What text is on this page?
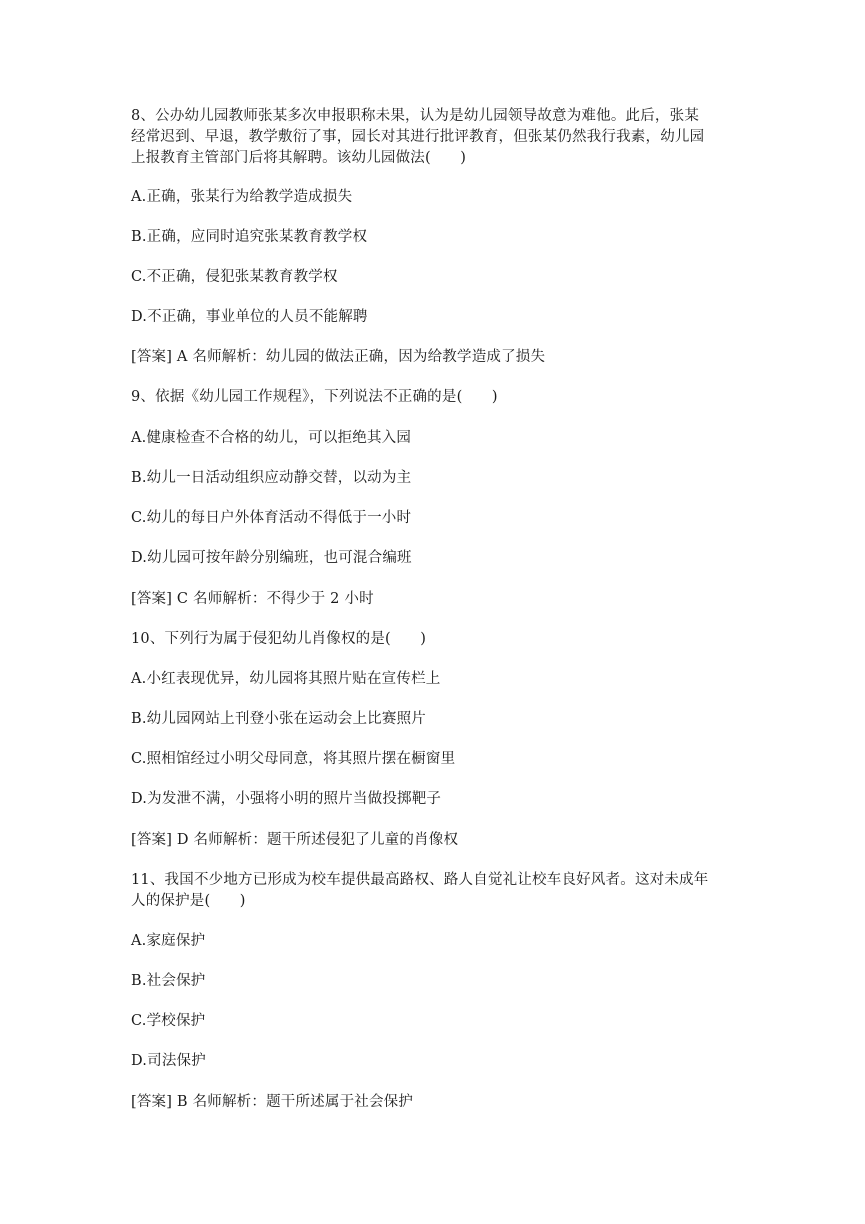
8、公办幼儿园教师张某多次申报职称未果，认为是幼儿园领导故意为难他。此后，张某
经常迟到、早退，教学敷衍了事，园长对其进行批评教育，但张某仍然我行我素，幼儿园
上报教育主管部门后将其解聘。该幼儿园做法(　　)
A.正确，张某行为给教学造成损失
B.正确，应同时追究张某教育教学权
C.不正确，侵犯张某教育教学权
D.不正确，事业单位的人员不能解聘
[答案] A 名师解析：幼儿园的做法正确，因为给教学造成了损失
9、依据《幼儿园工作规程》，下列说法不正确的是(　　)
A.健康检查不合格的幼儿，可以拒绝其入园
B.幼儿一日活动组织应动静交替，以动为主
C.幼儿的每日户外体育活动不得低于一小时
D.幼儿园可按年龄分别编班，也可混合编班
[答案] C 名师解析：不得少于 2 小时
10、下列行为属于侵犯幼儿肖像权的是(　　)
A.小红表现优异，幼儿园将其照片贴在宣传栏上
B.幼儿园网站上刊登小张在运动会上比赛照片
C.照相馆经过小明父母同意，将其照片摆在橱窗里
D.为发泄不满，小强将小明的照片当做投掷靶子
[答案] D 名师解析：题干所述侵犯了儿童的肖像权
11、我国不少地方已形成为校车提供最高路权、路人自觉礼让校车良好风者。这对未成年
人的保护是(　　)
A.家庭保护
B.社会保护
C.学校保护
D.司法保护
[答案] B 名师解析：题干所述属于社会保护
